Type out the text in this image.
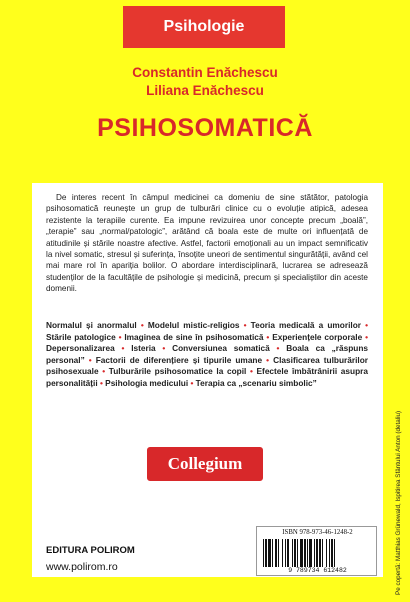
Psihologie
Constantin Enăchescu
Liliana Enăchescu
PSIHOSOMATICĂ

De interes recent în câmpul medicinei ca domeniu de sine stătător, patologia psihosomatică reunește un grup de tulburări clinice cu o evoluție atipică, adesea rezistente la terapiile curente. Ea impune revizuirea unor concepte precum „boală”, „terapie” sau „normal/patologic”, arătând că boala este de multe ori influențată de atitudinile și stările noastre afective. Astfel, factorii emoționali au un impact semnificativ la nivel somatic, stresul și suferința, însoțite uneori de sentimentul singurătății, având cel mai mare rol în apariția bolilor. O abordare interdisciplinară, lucrarea se adresează studenților de la facultățile de psihologie și medicină, precum și specialiștilor din aceste domenii.

Normalul și anormalul • Modelul mistic-religios • Teoria medicală a umorilor • Stările patologice • Imaginea de sine în psihosomatică • Experiențele corporale • Depersonalizarea • Isteria • Conversiunea somatică • Boala ca „răspuns personal” • Factorii de diferențiere și tipurile umane • Clasificarea tulburărilor psihosexuale • Tulburările psihosomatice la copil • Efectele îmbătrânirii asupra personalității • Psihologia medicului • Terapia ca „scenariu simbolic”
Collegium
ISBN 978-973-46-1248-2
9 789734 612482
EDITURA POLIROM
www.polirom.ro	Pe copertă: Matthias Grünewald, Ispitirea Sfântului Anton (detaliu)
